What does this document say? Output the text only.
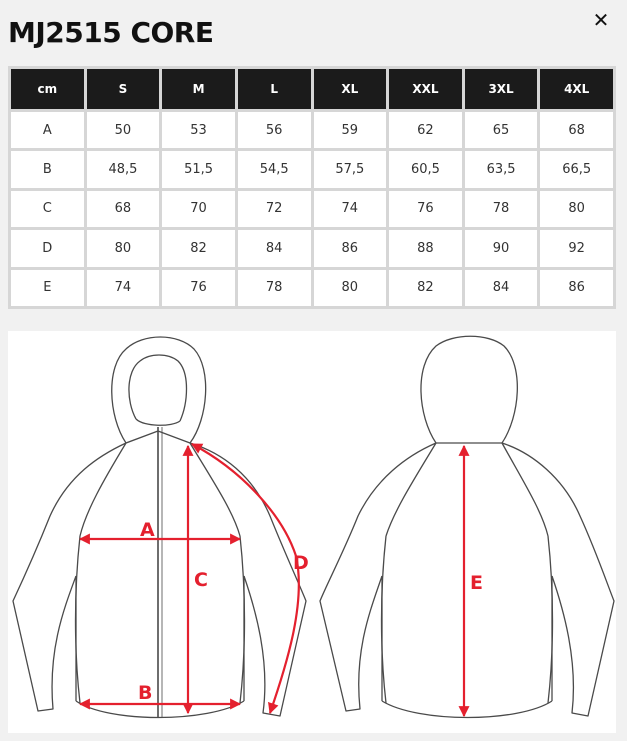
MJ2515 CORE	✕
cm	S	M	L	XL	XXL	3XL	4XL
A	50	53	56	59	62	65	68
B	48,5	51,5	54,5	57,5	60,5	63,5	66,5
C	68	70	72	74	76	78	80
D	80	82	84	86	88	90	92
E	74	76	78	80	82	84	86
A
B
C
D
E
